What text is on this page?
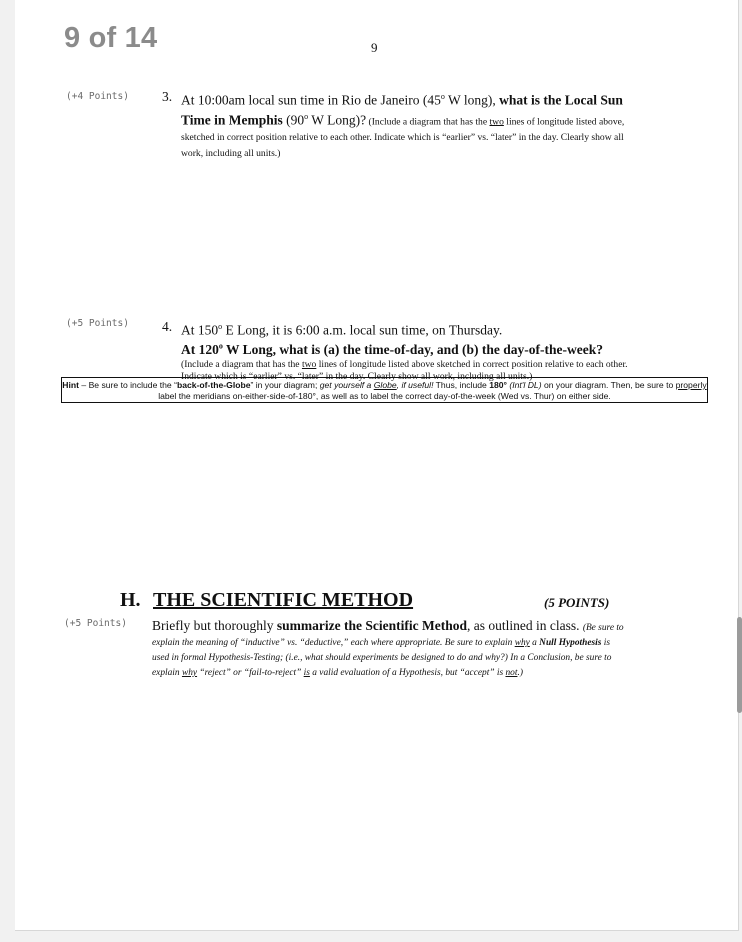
9 of 14	9
(+4 Points) 3. At 10:00am local sun time in Rio de Janeiro (45$^o$ W long), what is the Local Sun Time in Memphis (90$^o$ W Long)? (Include a diagram that has the two lines of longitude listed above, sketched in correct position relative to each other. Indicate which is “earlier” vs. “later” in the day. Clearly show all work, including all units.)
(+5 Points) 4. At 150$^o$ E Long, it is 6:00 a.m. local sun time, on Thursday.
At 120$^o$ W Long, what is (a) the time-of-day, and (b) the day-of-the-week?

(Include a diagram that has the two lines of longitude listed above sketched in correct position relative to each other. Indicate which is “earlier” vs. “later” in the day. Clearly show all work, including all units.)
Hint – Be sure to include the “back-of-the-Globe” in your diagram; get yourself a Globe, if useful! Thus, include 180° (Int'l DL) on your diagram. Then, be sure to properly label the meridians on-either-side-of-180°, as well as to label the correct day-of-the-week (Wed vs. Thur) on either side.
H. THE SCIENTIFIC METHOD	(5 POINTS)
(+5 Points) Briefly but thoroughly summarize the Scientific Method, as outlined in class. (Be sure to explain the meaning of “inductive” vs. “deductive,” each where appropriate. Be sure to explain why a Null Hypothesis is used in formal Hypothesis-Testing; (i.e., what should experiments be designed to do and why?) In a Conclusion, be sure to explain why “reject” or “fail-to-reject” is a valid evaluation of a Hypothesis, but “accept” is not.)
